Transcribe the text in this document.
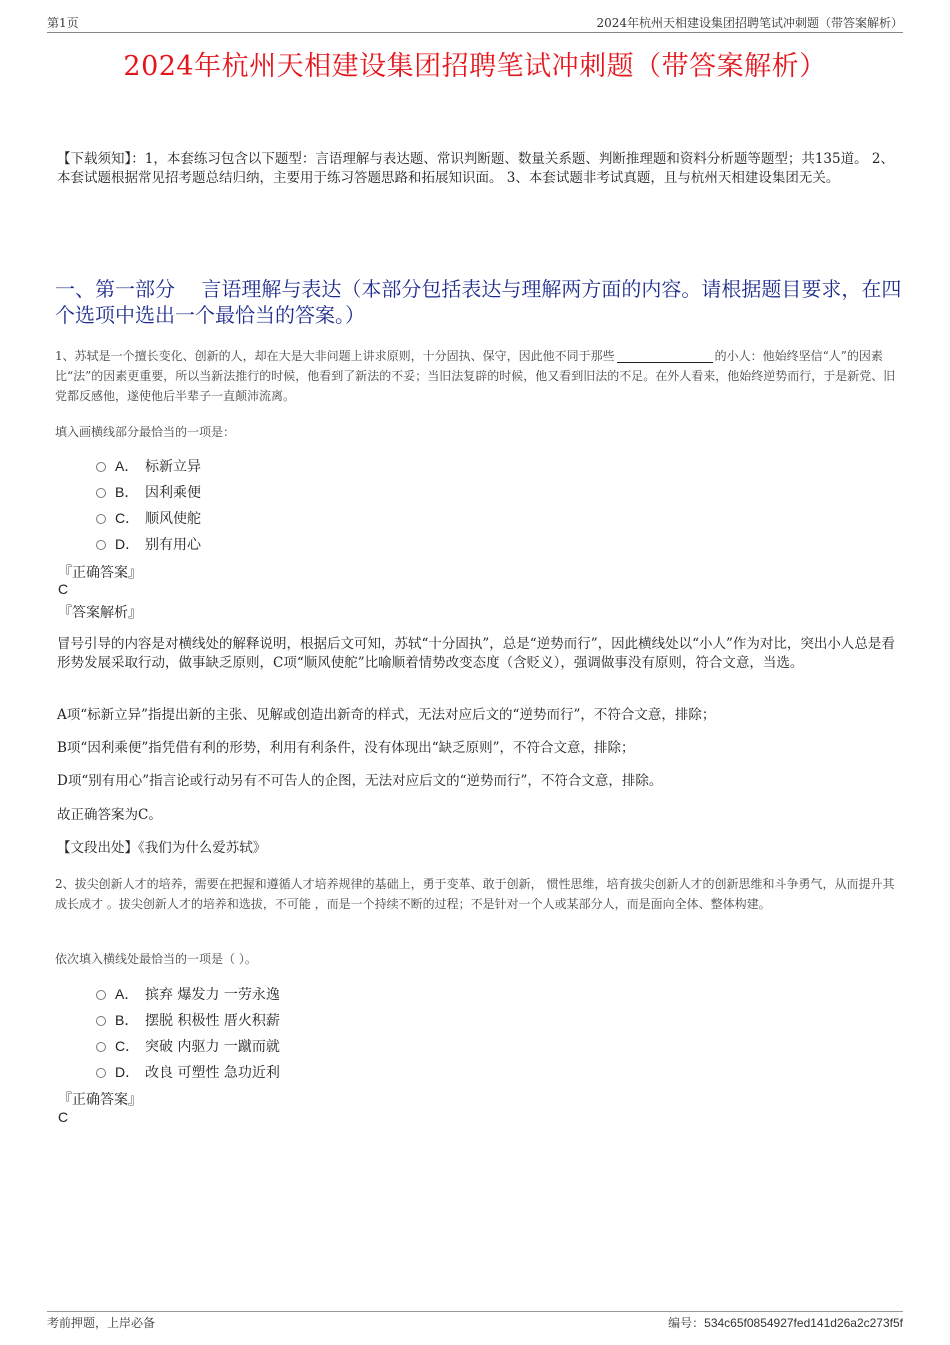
第1页	2024年杭州天相建设集团招聘笔试冲刺题（带答案解析）
2024年杭州天相建设集团招聘笔试冲刺题（带答案解析）
【下载须知】：1，本套练习包含以下题型：言语理解与表达题、常识判断题、数量关系题、判断推理题和资料分析题等题型；共135道。 2、本套试题根据常见招考题总结归纳，主要用于练习答题思路和拓展知识面。 3、本套试题非考试真题，且与杭州天相建设集团无关。
一、第一部分　 言语理解与表达（本部分包括表达与理解两方面的内容。请根据题目要求，在四个选项中选出一个最恰当的答案。）
1、苏轼是一个擅长变化、创新的人，却在大是大非问题上讲求原则，十分固执、保守，因此他不同于那些	的小人：他始终坚信“人”的因素比“法”的因素更重要，所以当新法推行的时候，他看到了新法的不妥；当旧法复辟的时候，他又看到旧法的不足。在外人看来，他始终逆势而行，于是新党、旧党都反感他，遂使他后半辈子一直颠沛流离。
填入画横线部分最恰当的一项是：
A． 标新立异
B． 因利乘便
C． 顺风使舵
D． 别有用心
『正确答案』
C
『答案解析』
冒号引导的内容是对横线处的解释说明，根据后文可知，苏轼“十分固执”，总是“逆势而行”，因此横线处以“小人”作为对比，突出小人总是看形势发展采取行动，做事缺乏原则，C项“顺风使舵”比喻顺着情势改变态度（含贬义），强调做事没有原则，符合文意，当选。
A项“标新立异”指提出新的主张、见解或创造出新奇的样式，无法对应后文的“逆势而行”，不符合文意，排除；
B项“因利乘便”指凭借有利的形势，利用有利条件，没有体现出“缺乏原则”，不符合文意，排除；
D项“别有用心”指言论或行动另有不可告人的企图，无法对应后文的“逆势而行”，不符合文意，排除。
故正确答案为C。
【文段出处】《我们为什么爱苏轼》
2、拔尖创新人才的培养，需要在把握和遵循人才培养规律的基础上，勇于变革、敢于创新， 惯性思维，培育拔尖创新人才的创新思维和斗争勇气，从而提升其成长成才 。拔尖创新人才的培养和选拔，不可能 ，而是一个持续不断的过程；不是针对一个人或某部分人，而是面向全体、整体构建。
依次填入横线处最恰当的一项是（ ）。
A． 摈弃 爆发力 一劳永逸
B． 摆脱 积极性 厝火积薪
C． 突破 内驱力 一蹴而就
D． 改良 可塑性 急功近利
『正确答案』
C
考前押题，上岸必备	编号：534c65f0854927fed141d26a2c273f5f
